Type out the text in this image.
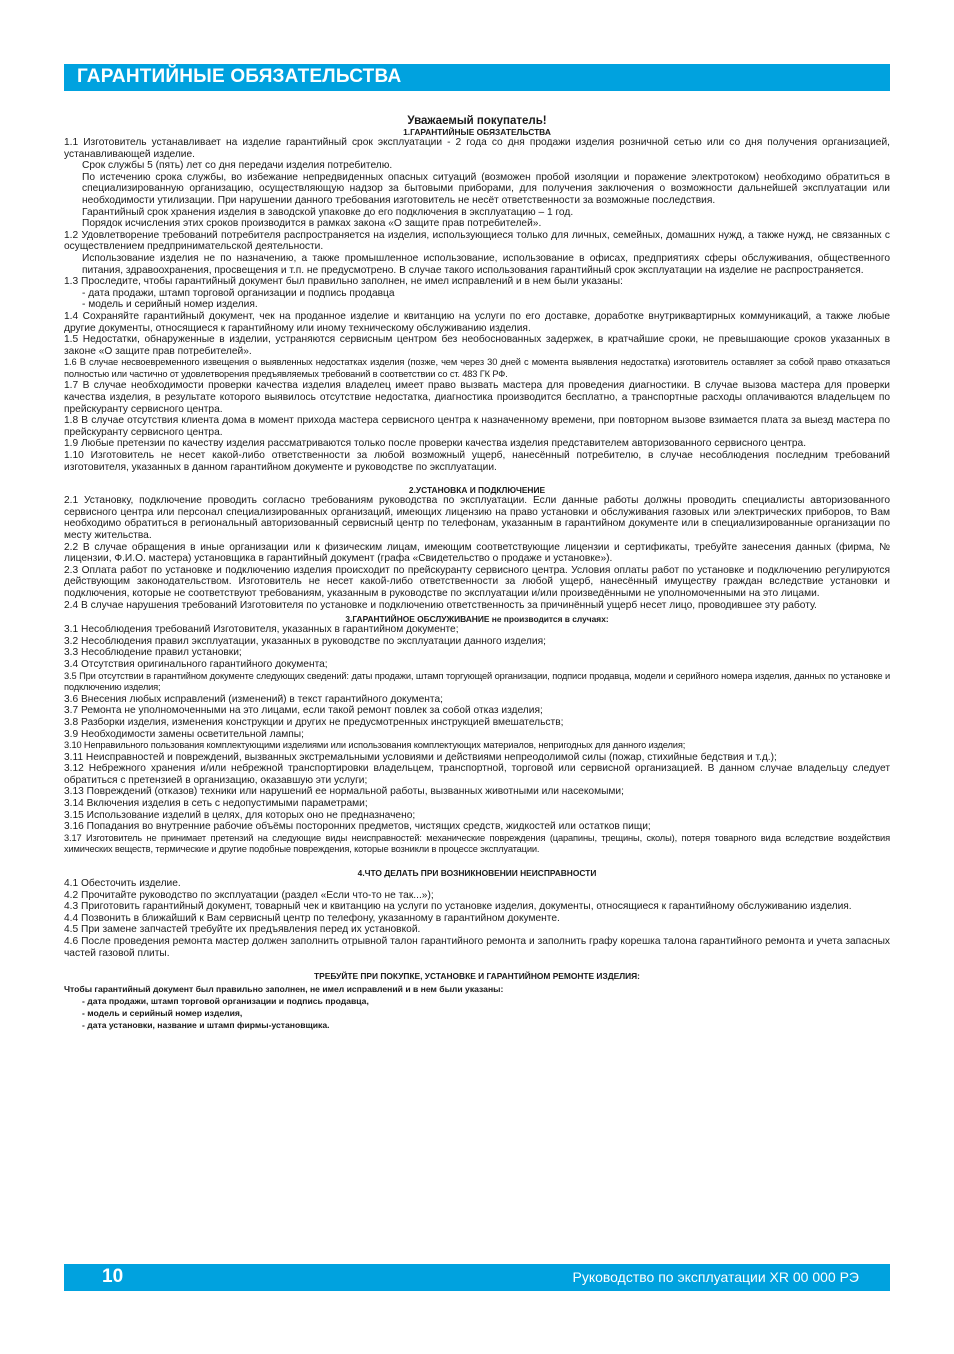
ГАРАНТИЙНЫЕ ОБЯЗАТЕЛЬСТВА
Уважаемый покупатель!
1.ГАРАНТИЙНЫЕ ОБЯЗАТЕЛЬСТВА

1.1 Изготовитель устанавливает на изделие гарантийный срок эксплуатации - 2 года со дня продажи изделия розничной сетью или со дня получения организацией, устанавливающей изделие.

Срок службы 5 (пять) лет со дня передачи изделия потребителю.

По истечению срока службы, во избежание непредвиденных опасных ситуаций (возможен пробой изоляции и поражение электротоком) необходимо обратиться в специализированную организацию, осуществляющую надзор за бытовыми приборами, для получения заключения о возможности дальнейшей эксплуатации или необходимости утилизации. При нарушении данного требования изготовитель не несёт ответственности за возможные последствия.

Гарантийный срок хранения изделия в заводской упаковке до его подключения в эксплуатацию – 1 год.

Порядок исчисления этих сроков производится в рамках закона «О защите прав потребителей».

1.2 Удовлетворение требований потребителя распространяется на изделия, использующиеся только для личных, семейных, домашних нужд, а также нужд, не связанных с осуществлением предпринимательской деятельности.

Использование изделия не по назначению, а также промышленное использование, использование в офисах, предприятиях сферы обслуживания, общественного питания, здравоохранения, просвещения и т.п. не предусмотрено. В случае такого использования гарантийный срок эксплуатации на изделие не распространяется.

1.3 Проследите, чтобы гарантийный документ был правильно заполнен, не имел исправлений и в нем были указаны:

- дата продажи, штамп торговой организации и подпись продавца

- модель и серийный номер изделия.

1.4 Сохраняйте гарантийный документ, чек на проданное изделие и квитанцию на услуги по его доставке, доработке внутриквартирных коммуникаций, а также любые другие документы, относящиеся к гарантийному или иному техническому обслуживанию изделия.

1.5 Недостатки, обнаруженные в изделии, устраняются сервисным центром без необоснованных задержек, в кратчайшие сроки, не превышающие сроков указанных в законе «О защите прав потребителей».

1.6 В случае несвоевременного извещения о выявленных недостатках изделия (позже, чем через 30 дней с момента выявления недостатка) изготовитель оставляет за собой право отказаться полностью или частично от удовлетворения предъявляемых требований в соответствии со ст. 483 ГК РФ.

1.7 В случае необходимости проверки качества изделия владелец имеет право вызвать мастера для проведения диагностики. В случае вызова мастера для проверки качества изделия, в результате которого выявилось отсутствие недостатка, диагностика производится бесплатно, а транспортные расходы оплачиваются владельцем по прейскуранту сервисного центра.

1.8 В случае отсутствия клиента дома в момент прихода мастера сервисного центра к назначенному времени, при повторном вызове взимается плата за выезд мастера по прейскуранту сервисного центра.

1.9 Любые претензии по качеству изделия рассматриваются только после проверки качества изделия представителем авторизованного сервисного центра.

1.10 Изготовитель не несет какой-либо ответственности за любой возможный ущерб, нанесённый потребителю, в случае несоблюдения последним требований изготовителя, указанных в данном гарантийном документе и руководстве по эксплуатации.

2.УСТАНОВКА И ПОДКЛЮЧЕНИЕ

2.1 Установку, подключение проводить согласно требованиям руководства по эксплуатации. Если данные работы должны проводить специалисты авторизованного сервисного центра или персонал специализированных организаций, имеющих лицензию на право установки и обслуживания газовых или электрических приборов, то Вам необходимо обратиться в региональный авторизованный сервисный центр по телефонам, указанным в гарантийном документе или в специализированные организации по месту жительства.

2.2 В случае обращения в иные организации или к физическим лицам, имеющим соответствующие лицензии и сертификаты, требуйте занесения данных (фирма, № лицензии, Ф.И.О. мастера) установщика в гарантийный документ (графа «Свидетельство о продаже и установке»).

2.3 Оплата работ по установке и подключению изделия происходит по прейскуранту сервисного центра. Условия оплаты работ по установке и подключению регулируются действующим законодательством. Изготовитель не несет какой-либо ответственности за любой ущерб, нанесённый имуществу граждан вследствие установки и подключения, которые не соответствуют требованиям, указанным в руководстве по эксплуатации и/или произведёнными не уполномоченными на это лицами.

2.4 В случае нарушения требований Изготовителя по установке и подключению ответственность за причинённый ущерб несет лицо, проводившее эту работу.

3.ГАРАНТИЙНОЕ ОБСЛУЖИВАНИЕ не производится в случаях:

3.1 Несоблюдения требований Изготовителя, указанных в гарантийном документе;

3.2 Несоблюдения правил эксплуатации, указанных в руководстве по эксплуатации данного изделия;

3.3 Несоблюдение правил установки;

3.4 Отсутствия оригинального гарантийного документа;

3.5 При отсутствии в гарантийном документе следующих сведений: даты продажи, штамп торгующей организации, подписи продавца, модели и серийного номера изделия, данных по установке и подключению изделия;

3.6 Внесения любых исправлений (изменений) в текст гарантийного документа;

3.7 Ремонта не уполномоченными на это лицами, если такой ремонт повлек за собой отказ изделия;

3.8 Разборки изделия, изменения конструкции и других не предусмотренных инструкцией вмешательств;

3.9 Необходимости замены осветительной лампы;

3.10 Неправильного пользования комплектующими изделиями или использования комплектующих материалов, непригодных для данного изделия;

3.11 Неисправностей и повреждений, вызванных экстремальными условиями и действиями непреодолимой силы (пожар, стихийные бедствия и т.д.);

3.12 Небрежного хранения и/или небрежной транспортировки владельцем, транспортной, торговой или сервисной организацией. В данном случае владельцу следует обратиться с претензией в организацию, оказавшую эти услуги;

3.13 Повреждений (отказов) техники или нарушений ее нормальной работы, вызванных животными или насекомыми;

3.14 Включения изделия в сеть с недопустимыми параметрами;

3.15 Использование изделий в целях, для которых оно не предназначено;

3.16 Попадания во внутренние рабочие объёмы посторонних предметов, чистящих средств, жидкостей или остатков пищи;

3.17 Изготовитель не принимает претензий на следующие виды неисправностей: механические повреждения (царапины, трещины, сколы), потеря товарного вида вследствие воздействия химических веществ, термические и другие подобные повреждения, которые возникли в процессе эксплуатации.

4.ЧТО ДЕЛАТЬ ПРИ ВОЗНИКНОВЕНИИ НЕИСПРАВНОСТИ

4.1 Обесточить изделие.

4.2 Прочитайте руководство по эксплуатации (раздел «Если что-то не так...»);

4.3 Приготовить гарантийный документ, товарный чек и квитанцию на услуги по установке изделия, документы, относящиеся к гарантийному обслуживанию изделия.

4.4 Позвонить в ближайший к Вам сервисный центр по телефону, указанному в гарантийном документе.

4.5 При замене запчастей требуйте их предъявления перед их установкой.

4.6 После проведения ремонта мастер должен заполнить отрывной талон гарантийного ремонта и заполнить графу корешка талона гарантийного ремонта и учета запасных частей газовой плиты.

ТРЕБУЙТЕ ПРИ ПОКУПКЕ, УСТАНОВКЕ И ГАРАНТИЙНОМ РЕМОНТЕ ИЗДЕЛИЯ:
Чтобы гарантийный документ был правильно заполнен, не имел исправлений и в нем были указаны:
- дата продажи, штамп торговой организации и подпись продавца,
- модель и серийный номер изделия,
- дата установки, название и штамп фирмы-установщика.
10	Руководство по эксплуатации XR 00 000 РЭ
